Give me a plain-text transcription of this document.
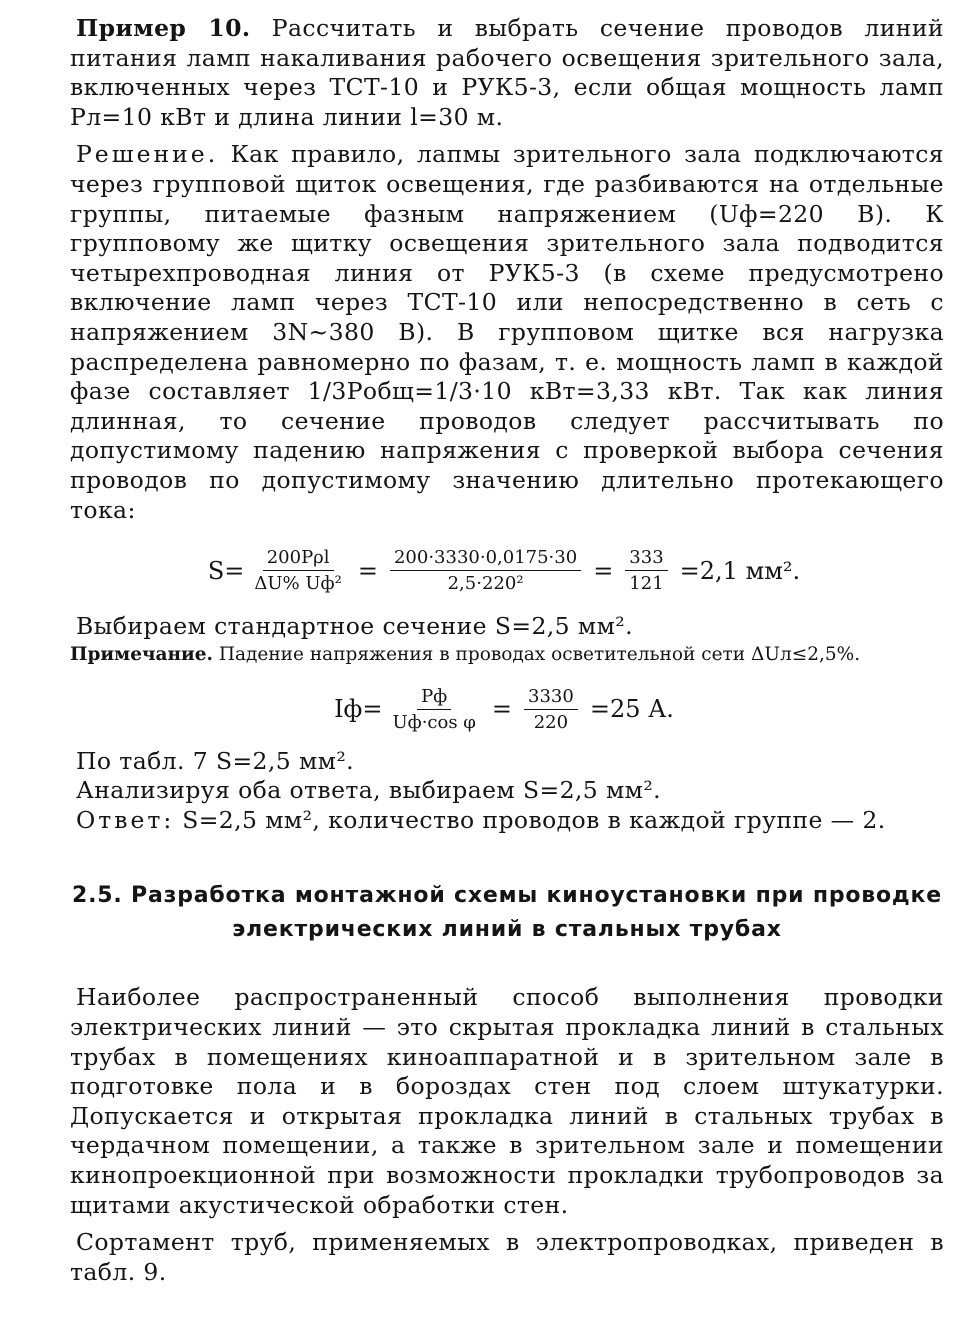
Пример 10. Рассчитать и выбрать сечение проводов линий питания ламп накаливания рабочего освещения зрительного зала, включенных через ТСТ-10 и РУК5-3, если общая мощность ламп Pл=10 кВт и длина линии l=30 м.

Решение. Как правило, лапмы зрительного зала подключаются через групповой щиток освещения, где разбиваются на отдельные группы, питаемые фазным напряжением (Uф=220 В). К групповому же щитку освещения зрительного зала подводится четырехпроводная линия от РУК5-3 (в схеме предусмотрено включение ламп через ТСТ-10 или непосредственно в сеть с напряжением 3N~380 В). В групповом щитке вся нагрузка распределена равномерно по фазам, т. е. мощность ламп в каждой фазе составляет 1/3Pобщ=1/3·10 кВт=3,33 кВт. Так как линия длинная, то сечение проводов следует рассчитывать по допустимому падению напряжения с проверкой выбора сечения проводов по допустимому значению длительно протекающего тока:

$S= \frac{\text{200Pρl}}{\text{ΔU\% Uф²}} = \frac{200\cdot 3330\cdot 0,0175\cdot 30}{\text{2,5·220²}} = \frac{333}{121} =2,1$ мм².

Выбираем стандартное сечение S=2,5 мм².

Примечание. Падение напряжения в проводах осветительной сети ΔUл≤2,5%.

$Iф= \frac{Pф}{\text{Uф·cos φ}} = \frac{3330}{220} =25$ А.

По табл. 7 S=2,5 мм².

Анализируя оба ответа, выбираем S=2,5 мм².

Ответ: S=2,5 мм², количество проводов в каждой группе — 2.

2.5. Разработка монтажной схемы киноустановки при проводке

электрических линий в стальных трубах

Наиболее распространенный способ выполнения проводки электрических линий — это скрытая прокладка линий в стальных трубах в помещениях киноаппаратной и в зрительном зале в подготовке пола и в бороздах стен под слоем штукатурки. Допускается и открытая прокладка линий в стальных трубах в чердачном помещении, а также в зрительном зале и помещении кинопроекционной при возможности прокладки трубопроводов за щитами акустической обработки стен.

Сортамент труб, применяемых в электропроводках, приведен в табл. 9.
